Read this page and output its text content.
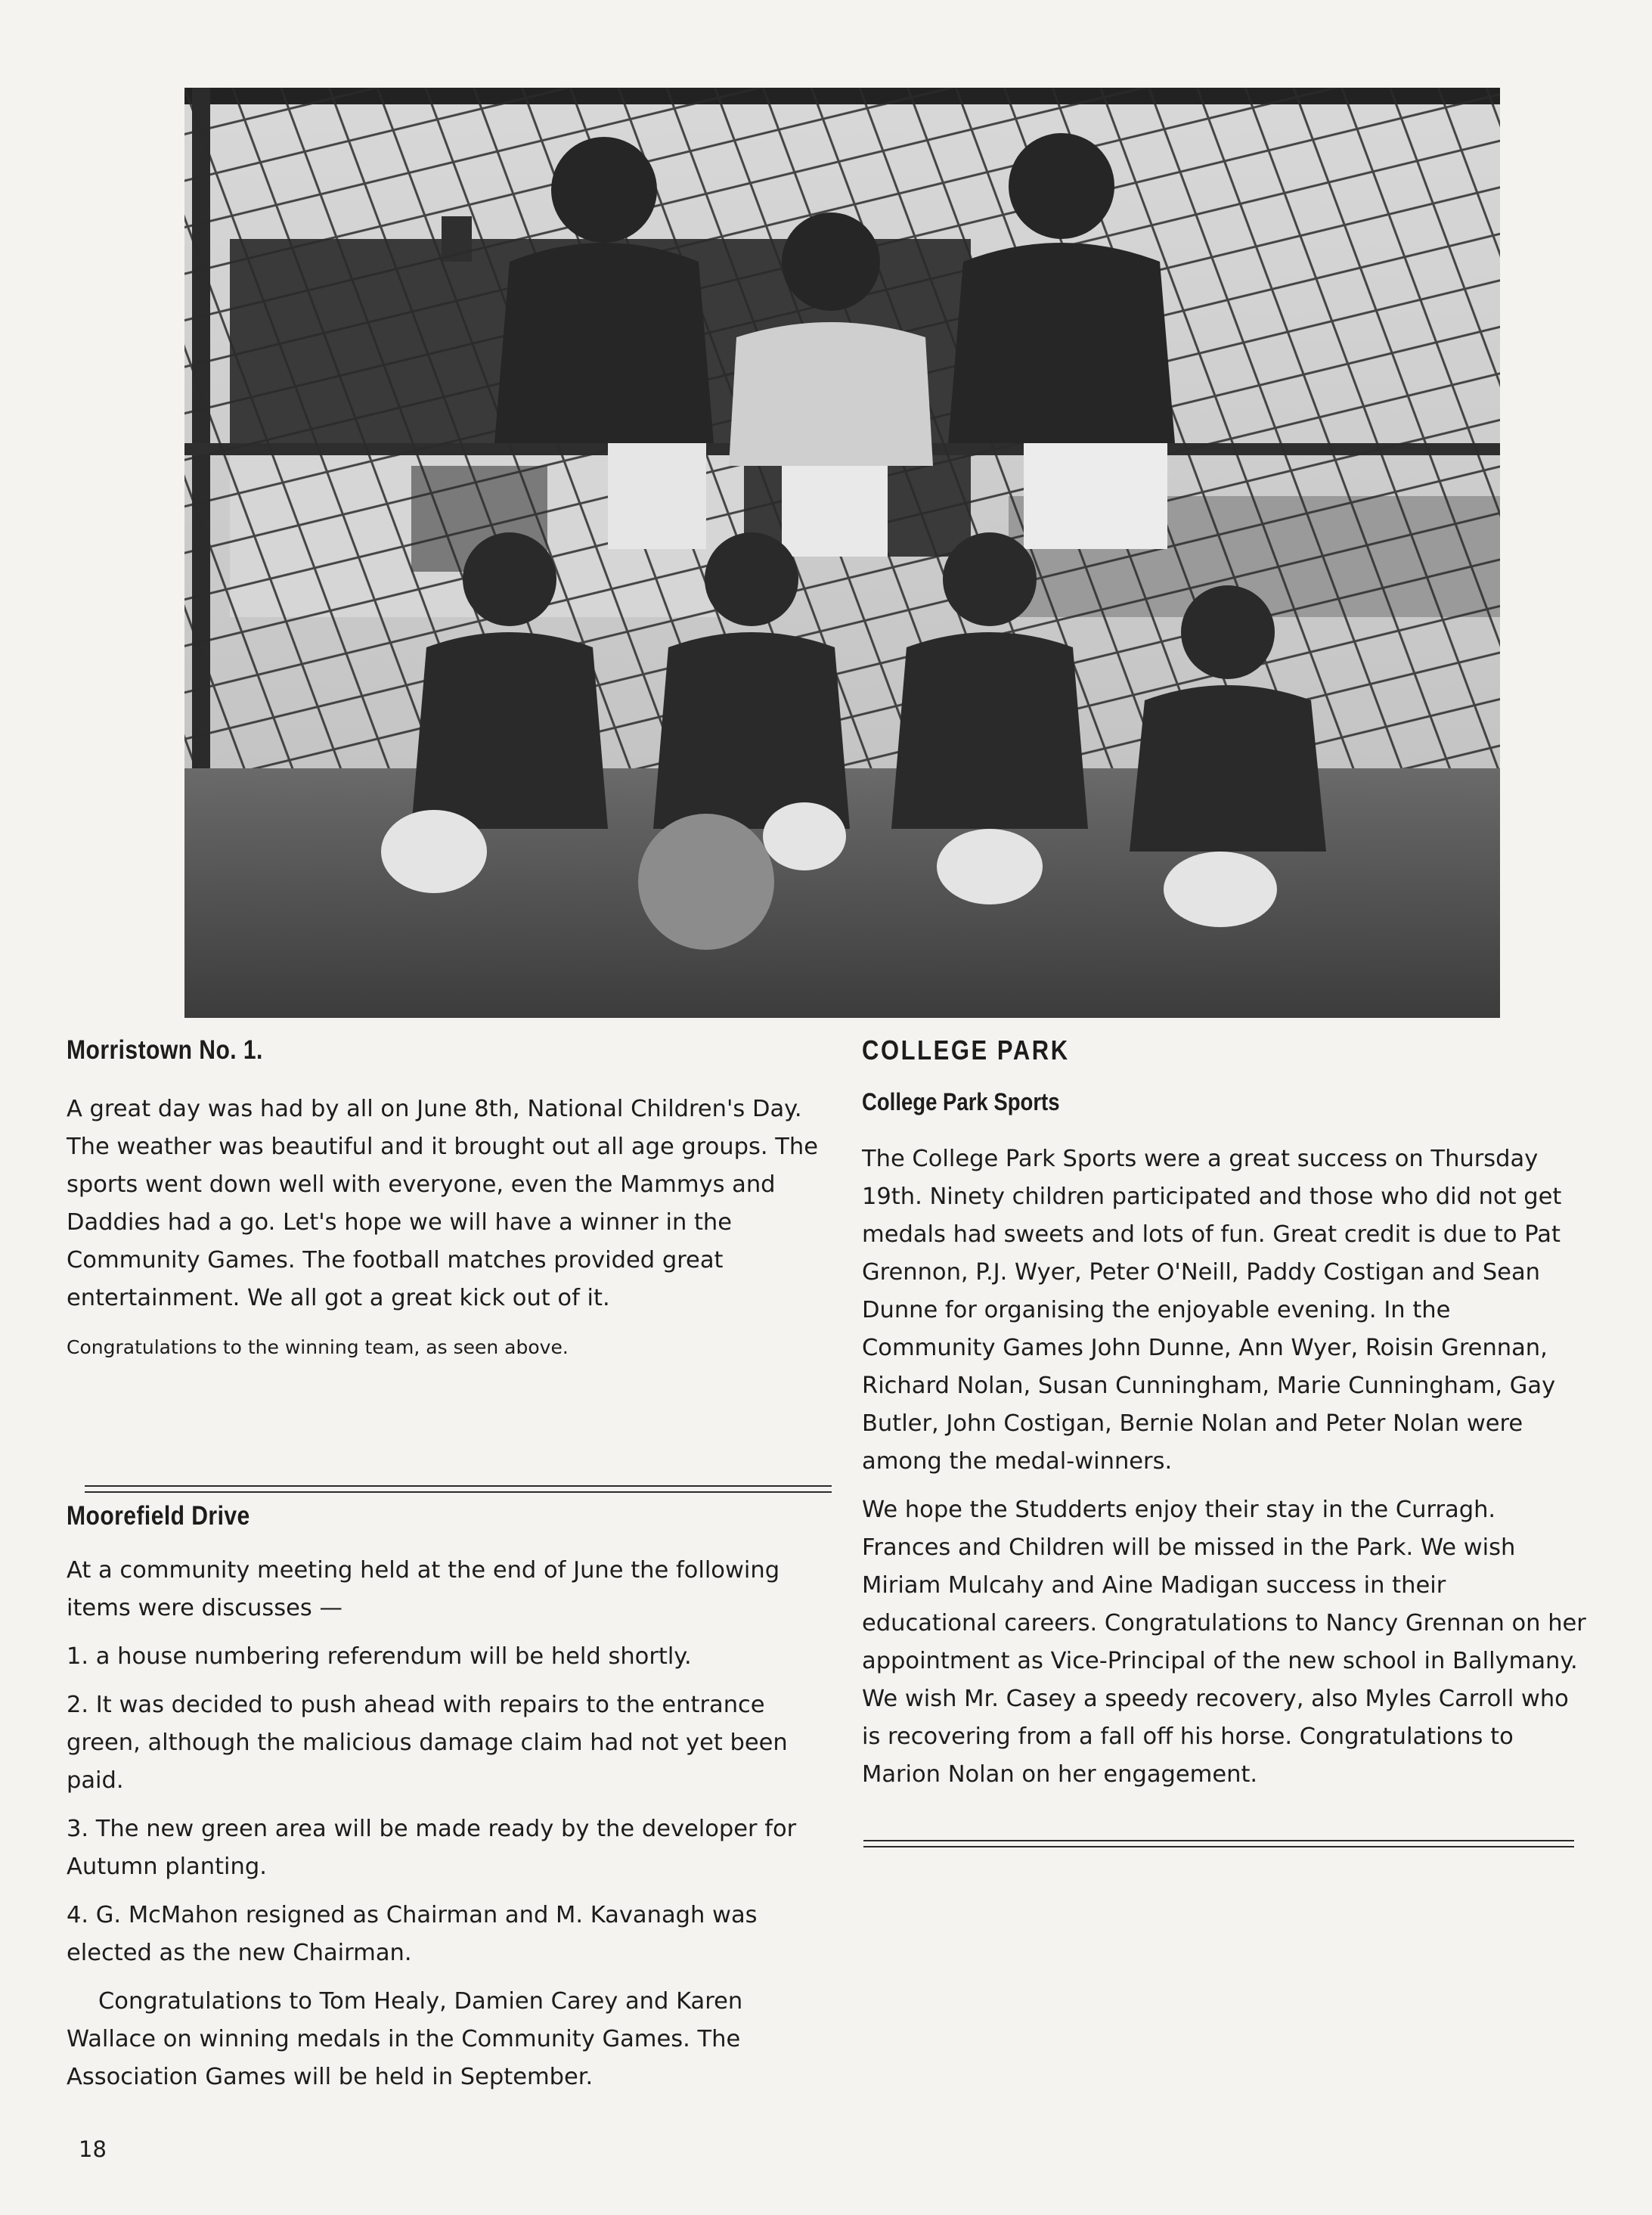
Morristown No. 1.

A great day was had by all on June 8th, National Children's Day. The weather was beautiful and it brought out all age groups. The sports went down well with everyone, even the Mammys and Daddies had a go. Let's hope we will have a winner in the Community Games. The football matches provided great entertainment. We all got a great kick out of it.

Congratulations to the winning team, as seen above.
Moorefield Drive

At a community meeting held at the end of June the following items were discusses —

1. a house numbering referendum will be held shortly.

2. It was decided to push ahead with repairs to the entrance green, although the malicious damage claim had not yet been paid.

3. The new green area will be made ready by the developer for Autumn planting.

4. G. McMahon resigned as Chairman and M. Kavanagh was elected as the new Chairman.

Congratulations to Tom Healy, Damien Carey and Karen Wallace on winning medals in the Community Games. The Association Games will be held in September.

COLLEGE PARK
College Park Sports

The College Park Sports were a great success on Thursday 19th. Ninety children participated and those who did not get medals had sweets and lots of fun. Great credit is due to Pat Grennon, P.J. Wyer, Peter O'Neill, Paddy Costigan and Sean Dunne for organising the enjoyable evening. In the Community Games John Dunne, Ann Wyer, Roisin Grennan, Richard Nolan, Susan Cunningham, Marie Cunningham, Gay Butler, John Costigan, Bernie Nolan and Peter Nolan were among the medal-winners.

We hope the Studderts enjoy their stay in the Curragh. Frances and Children will be missed in the Park. We wish Miriam Mulcahy and Aine Madigan success in their educational careers. Congratulations to Nancy Grennan on her appointment as Vice-Principal of the new school in Ballymany. We wish Mr. Casey a speedy recovery, also Myles Carroll who is recovering from a fall off his horse. Congratulations to Marion Nolan on her engagement.

18
